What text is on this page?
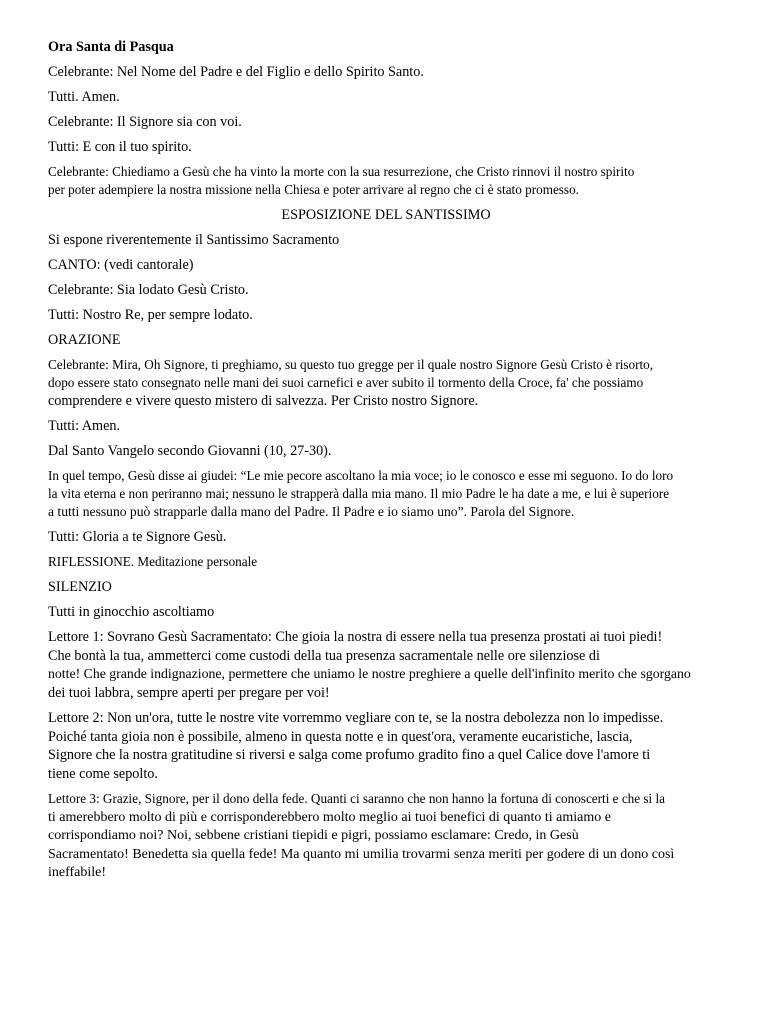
Ora Santa di Pasqua
Celebrante: Nel Nome del Padre e del Figlio e dello Spirito Santo.
Tutti. Amen.
Celebrante: Il Signore sia con voi.
Tutti: E con il tuo spirito.
Celebrante: Chiediamo a Gesù che ha vinto la morte con la sua resurrezione, che Cristo rinnovi il nostro spirito
per poter adempiere la nostra missione nella Chiesa e poter arrivare al regno che ci è stato promesso.
ESPOSIZIONE DEL SANTISSIMO
Si espone riverentemente il Santissimo Sacramento
CANTO: (vedi cantorale)
Celebrante: Sia lodato Gesù Cristo.
Tutti: Nostro Re, per sempre lodato.
ORAZIONE
Celebrante: Mira, Oh Signore, ti preghiamo, su questo tuo gregge per il quale nostro Signore Gesù Cristo è risorto,
dopo essere stato consegnato nelle mani dei suoi carnefici e aver subito il tormento della Croce, fa' che possiamo
comprendere e vivere questo mistero di salvezza. Per Cristo nostro Signore.
Tutti: Amen.
Dal Santo Vangelo secondo Giovanni (10, 27-30).
In quel tempo, Gesù disse ai giudei: “Le mie pecore ascoltano la mia voce; io le conosco e esse mi seguono. Io do loro
la vita eterna e non periranno mai; nessuno le strapperà dalla mia mano. Il mio Padre le ha date a me, e lui è superiore
a tutti nessuno può strapparle dalla mano del Padre. Il Padre e io siamo uno”. Parola del Signore.
Tutti: Gloria a te Signore Gesù.
RIFLESSIONE. Meditazione personale
SILENZIO
Tutti in ginocchio ascoltiamo
Lettore 1: Sovrano Gesù Sacramentato: Che gioia la nostra di essere nella tua presenza prostati ai tuoi piedi!
Che bontà la tua, ammetterci come custodi della tua presenza sacramentale nelle ore silenziose di
notte! Che grande indignazione, permettere che uniamo le nostre preghiere a quelle dell'infinito merito che sgorgano
dei tuoi labbra, sempre aperti per pregare per voi!
Lettore 2: Non un'ora, tutte le nostre vite vorremmo vegliare con te, se la nostra debolezza non lo impedisse.
Poiché tanta gioia non è possibile, almeno in questa notte e in quest'ora, veramente eucaristiche, lascia,
Signore che la nostra gratitudine si riversi e salga come profumo gradito fino a quel Calice dove l'amore ti
tiene come sepolto.
Lettore 3: Grazie, Signore, per il dono della fede. Quanti ci saranno che non hanno la fortuna di conoscerti e che si la
ti amerebbero molto di più e corrisponderebbero molto meglio ai tuoi benefici di quanto ti amiamo e
corrispondiamo noi? Noi, sebbene cristiani tiepidi e pigri, possiamo esclamare: Credo, in Gesù
Sacramentato! Benedetta sia quella fede! Ma quanto mi umilia trovarmi senza meriti per godere di un dono così
ineffabile!
